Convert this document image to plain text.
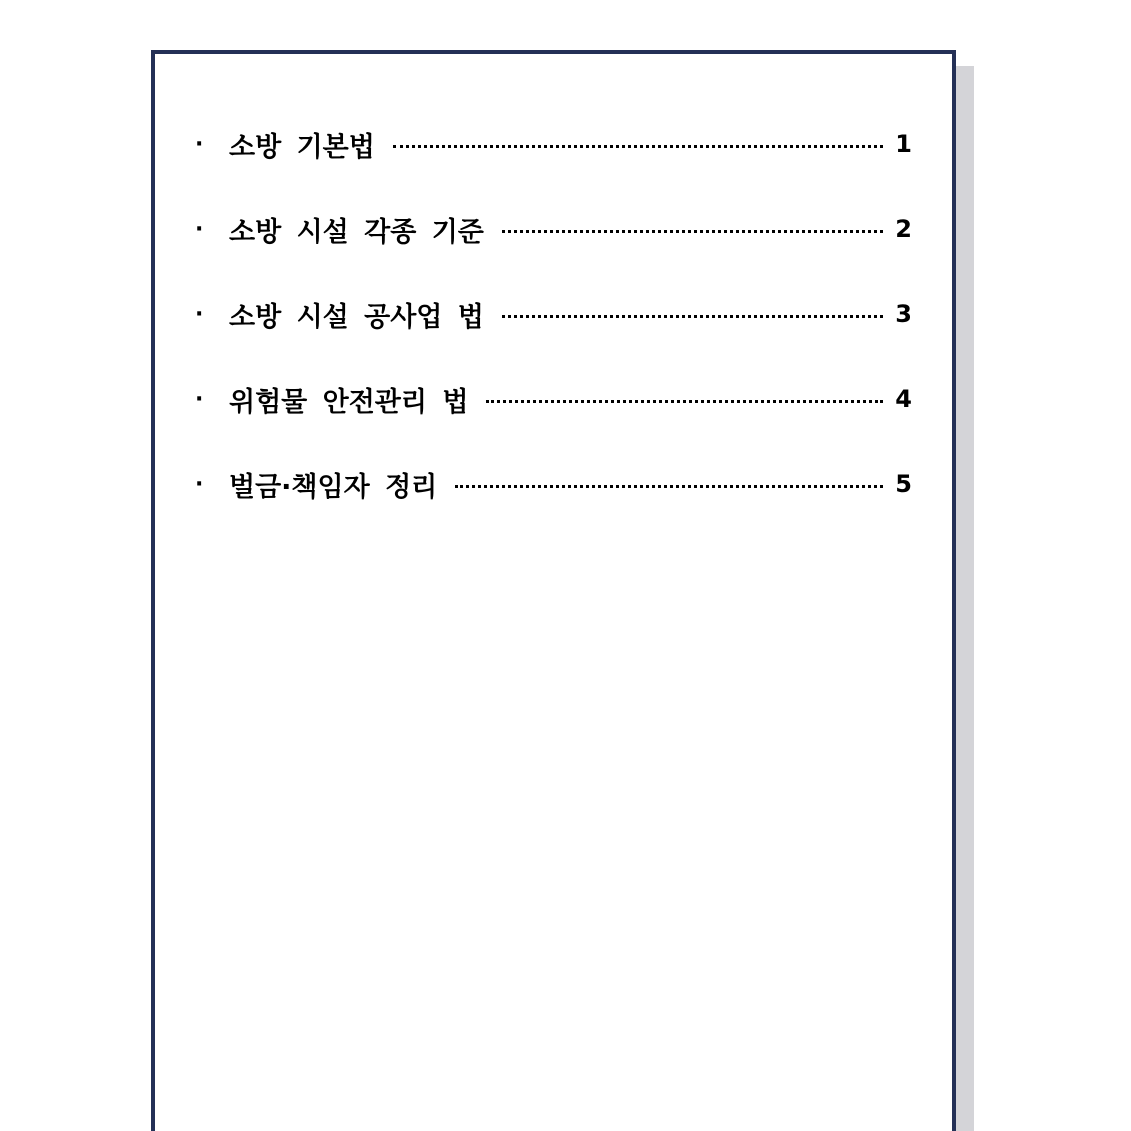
· 소방 기본법	1
· 소방 시설 각종 기준	2
· 소방 시설 공사업 법	3
· 위험물 안전관리 법	4
· 벌금·책임자 정리	5
